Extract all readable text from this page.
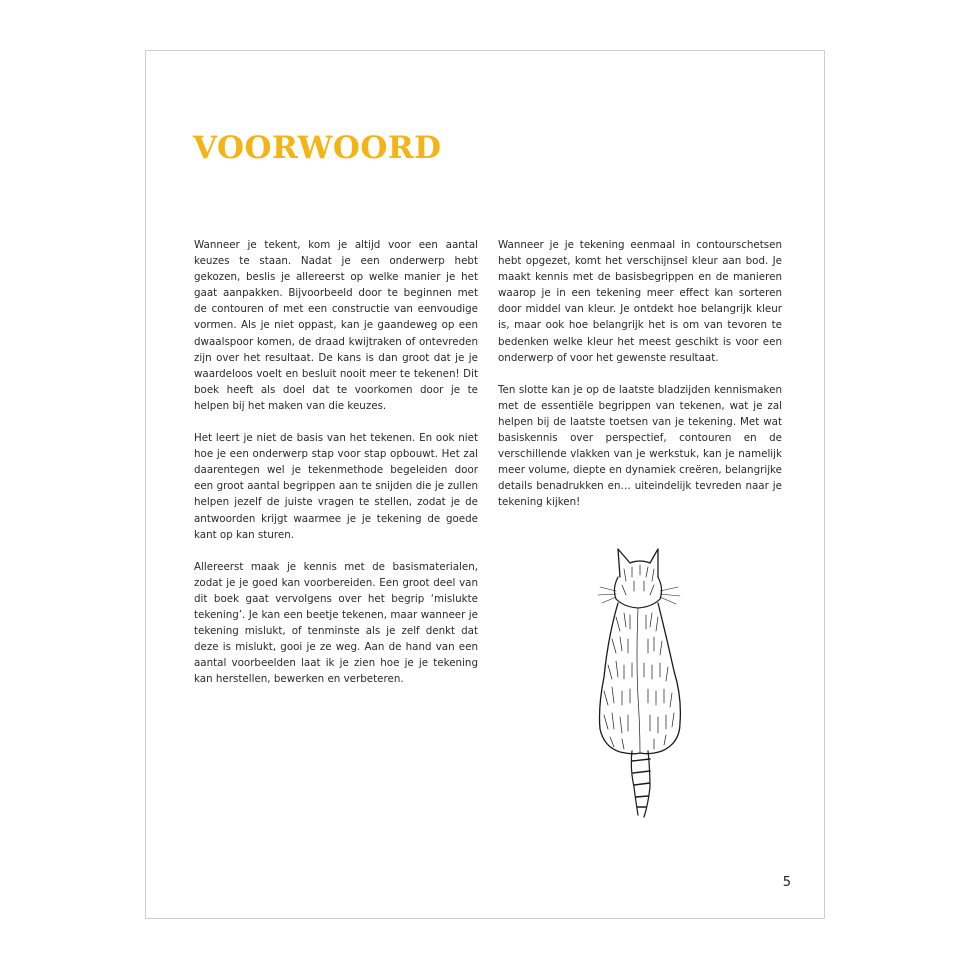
VOORWOORD

Wanneer je tekent, kom je altijd voor een aantal keuzes te staan. Nadat je een onderwerp hebt gekozen, beslis je allereerst op welke manier je het gaat aanpakken. Bijvoorbeeld door te beginnen met de contouren of met een constructie van eenvoudige vormen. Als je niet oppast, kan je gaandeweg op een dwaalspoor komen, de draad kwijtraken of ontevreden zijn over het resultaat. De kans is dan groot dat je je waardeloos voelt en besluit nooit meer te tekenen! Dit boek heeft als doel dat te voorkomen door je te helpen bij het maken van die keuzes.

Het leert je niet de basis van het tekenen. En ook niet hoe je een onderwerp stap voor stap opbouwt. Het zal daarentegen wel je tekenmethode begeleiden door een groot aantal begrippen aan te snijden die je zullen helpen jezelf de juiste vragen te stellen, zodat je de antwoorden krijgt waarmee je je tekening de goede kant op kan sturen.

Allereerst maak je kennis met de basismaterialen, zodat je je goed kan voorbereiden. Een groot deel van dit boek gaat vervolgens over het begrip ‘mislukte tekening’. Je kan een beetje tekenen, maar wanneer je tekening mislukt, of tenminste als je zelf denkt dat deze is mislukt, gooi je ze weg. Aan de hand van een aantal voorbeelden laat ik je zien hoe je je tekening kan herstellen, bewerken en verbeteren.

Wanneer je je tekening eenmaal in contourschetsen hebt opgezet, komt het verschijnsel kleur aan bod. Je maakt kennis met de basisbegrippen en de manieren waarop je in een tekening meer effect kan sorteren door middel van kleur. Je ontdekt hoe belangrijk kleur is, maar ook hoe belangrijk het is om van tevoren te bedenken welke kleur het meest geschikt is voor een onderwerp of voor het gewenste resultaat.

Ten slotte kan je op de laatste bladzijden kennismaken met de essentiële begrippen van tekenen, wat je zal helpen bij de laatste toetsen van je tekening. Met wat basiskennis over perspectief, contouren en de verschillende vlakken van je werkstuk, kan je namelijk meer volume, diepte en dynamiek creëren, belangrijke details benadrukken en… uiteindelijk tevreden naar je tekening kijken!

5
